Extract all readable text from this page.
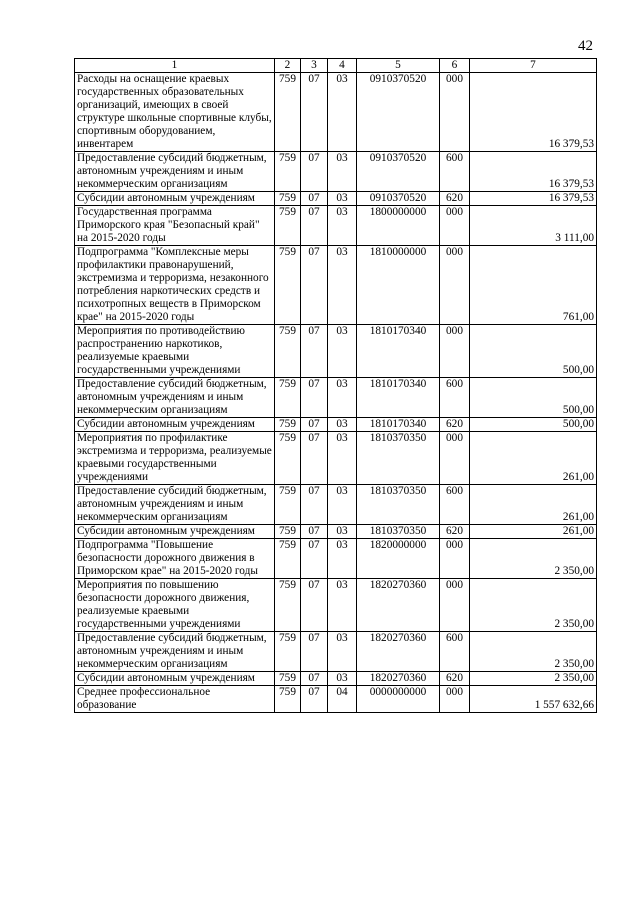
42
1	2	3	4	5	6	7
Расходы на оснащение краевых государственных образовательных организаций, имеющих в своей структуре школьные спортивные клубы, спортивным оборудованием, инвентарем	759	07	03	0910370520	000	16 379,53
Предоставление субсидий бюджетным, автономным учреждениям и иным некоммерческим организациям	759	07	03	0910370520	600	16 379,53
Субсидии автономным учреждениям	759	07	03	0910370520	620	16 379,53
Государственная программа Приморского края "Безопасный край" на 2015-2020 годы	759	07	03	1800000000	000	3 111,00
Подпрограмма "Комплексные меры профилактики правонарушений, экстремизма и терроризма, незаконного потребления наркотических средств и психотропных веществ в Приморском крае" на 2015-2020 годы	759	07	03	1810000000	000	761,00
Мероприятия по противодействию распространению наркотиков, реализуемые краевыми государственными учреждениями	759	07	03	1810170340	000	500,00
Предоставление субсидий бюджетным, автономным учреждениям и иным некоммерческим организациям	759	07	03	1810170340	600	500,00
Субсидии автономным учреждениям	759	07	03	1810170340	620	500,00
Мероприятия по профилактике экстремизма и терроризма, реализуемые краевыми государственными учреждениями	759	07	03	1810370350	000	261,00
Предоставление субсидий бюджетным, автономным учреждениям и иным некоммерческим организациям	759	07	03	1810370350	600	261,00
Субсидии автономным учреждениям	759	07	03	1810370350	620	261,00
Подпрограмма "Повышение безопасности дорожного движения в Приморском крае" на 2015-2020 годы	759	07	03	1820000000	000	2 350,00
Мероприятия по повышению безопасности дорожного движения, реализуемые краевыми государственными учреждениями	759	07	03	1820270360	000	2 350,00
Предоставление субсидий бюджетным, автономным учреждениям и иным некоммерческим организациям	759	07	03	1820270360	600	2 350,00
Субсидии автономным учреждениям	759	07	03	1820270360	620	2 350,00
Среднее профессиональное образование	759	07	04	0000000000	000	1 557 632,66
